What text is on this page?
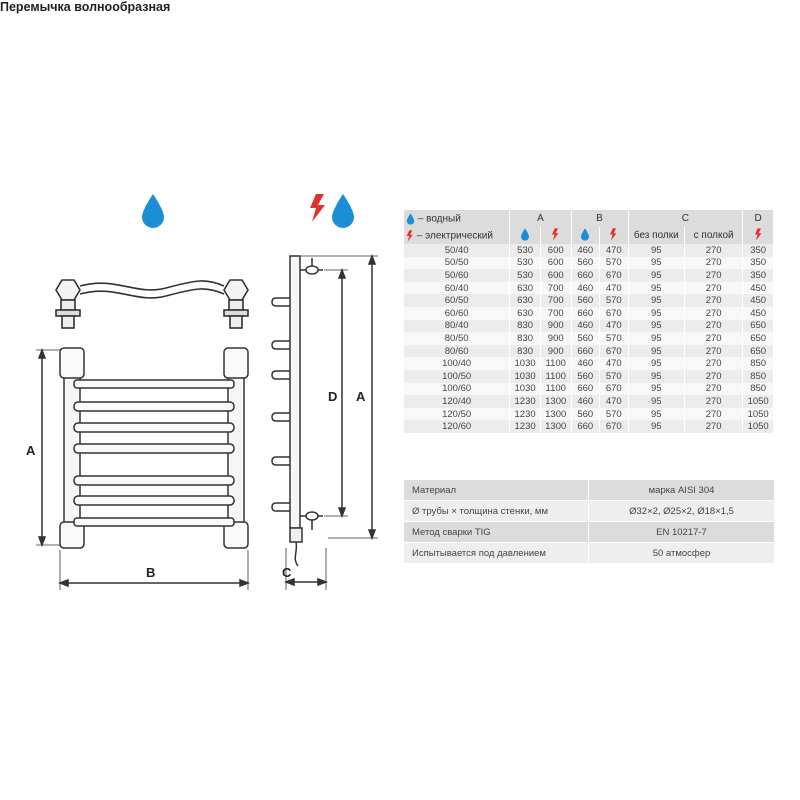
Перемычка волнообразная
A
B
D A
C
– водный	A		B		C		D
– электрический					без полки	с полкой	
50/40	530	600	460	470	95	270	350
50/50	530	600	560	570	95	270	350
50/60	530	600	660	670	95	270	350
60/40	630	700	460	470	95	270	450
60/50	630	700	560	570	95	270	450
60/60	630	700	660	670	95	270	450
80/40	830	900	460	470	95	270	650
80/50	830	900	560	570	95	270	650
80/60	830	900	660	670	95	270	650
100/40	1030	1100	460	470	95	270	850
100/50	1030	1100	560	570	95	270	850
100/60	1030	1100	660	670	95	270	850
120/40	1230	1300	460	470	95	270	1050
120/50	1230	1300	560	570	95	270	1050
120/60	1230	1300	660	670	95	270	1050
Материал	марка AISI 304
Ø трубы × толщина стенки, мм	Ø32×2, Ø25×2, Ø18×1,5
Метод сварки TIG	EN 10217-7
Испытывается под давлением	50 атмосфер
